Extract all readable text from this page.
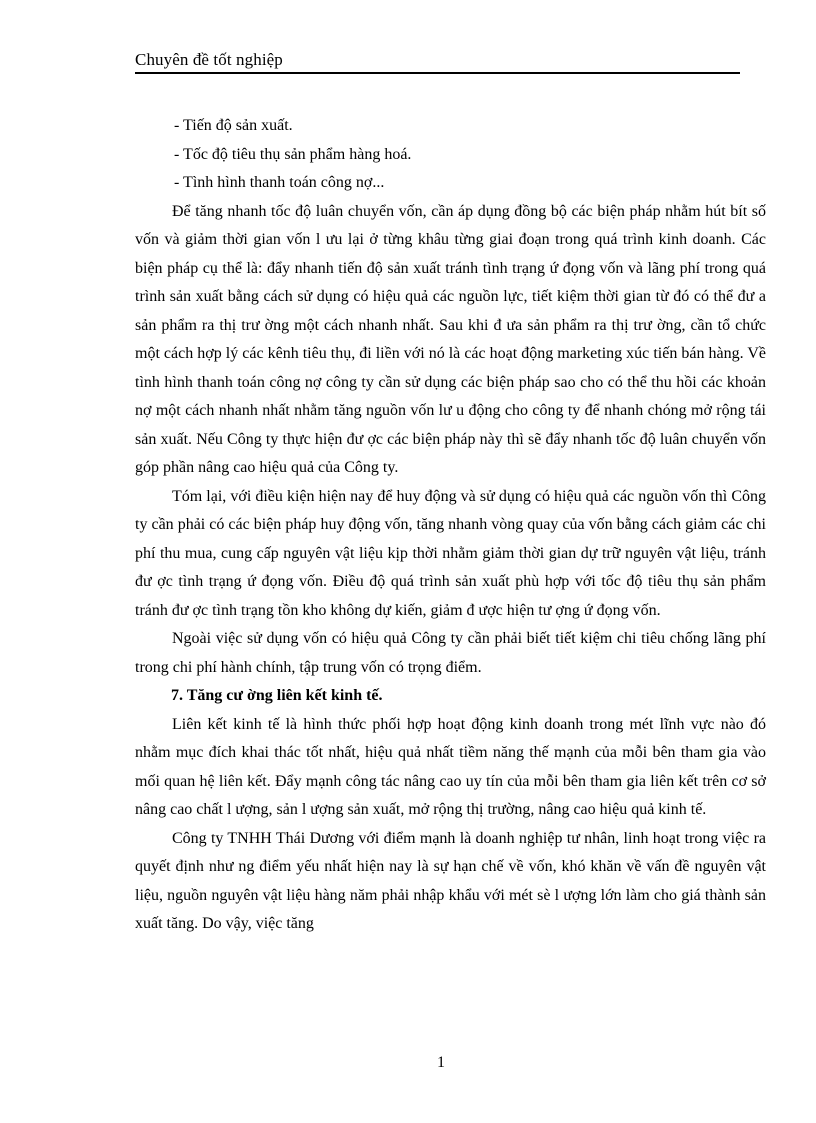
Chuyên đề tốt nghiệp
- Tiến độ sản xuất.
- Tốc độ tiêu thụ sản phẩm hàng hoá.
- Tình hình thanh toán công nợ...

Để tăng nhanh tốc độ luân chuyển vốn, cần áp dụng đồng bộ các biện pháp nhằm hút bít số vốn và giảm thời gian vốn l ưu lại ở từng khâu từng giai đoạn trong quá trình kinh doanh. Các biện pháp cụ thể là: đẩy nhanh tiến độ sản xuất tránh tình trạng ứ đọng vốn và lãng phí trong quá trình sản xuất bằng cách sử dụng có hiệu quả các nguồn lực, tiết kiệm thời gian từ đó có thể đư a sản phẩm ra thị trư ờng một cách nhanh nhất. Sau khi đ ưa sản phẩm ra thị trư ờng, cần tổ chức một cách hợp lý các kênh tiêu thụ, đi liền với nó là các hoạt động marketing xúc tiến bán hàng. Về tình hình thanh toán công nợ công ty cần sử dụng các biện pháp sao cho có thể thu hồi các khoản nợ một cách nhanh nhất nhằm tăng nguồn vốn lư u động cho công ty để nhanh chóng mở rộng tái sản xuất. Nếu Công ty thực hiện đư ợc các biện pháp này thì sẽ đẩy nhanh tốc độ luân chuyển vốn góp phần nâng cao hiệu quả của Công ty.

Tóm lại, với điều kiện hiện nay để huy động và sử dụng có hiệu quả các nguồn vốn thì Công ty cần phải có các biện pháp huy động vốn, tăng nhanh vòng quay của vốn bằng cách giảm các chi phí thu mua, cung cấp nguyên vật liệu kịp thời nhằm giảm thời gian dự trữ nguyên vật liệu, tránh đư ợc tình trạng ứ đọng vốn. Điều độ quá trình sản xuất phù hợp với tốc độ tiêu thụ sản phẩm tránh đư ợc tình trạng tồn kho không dự kiến, giảm đ ược hiện tư ợng ứ đọng vốn.

Ngoài việc sử dụng vốn có hiệu quả Công ty cần phải biết tiết kiệm chi tiêu chống lãng phí trong chi phí hành chính, tập trung vốn có trọng điểm.

7. Tăng cư ờng liên kết kinh tế.

Liên kết kinh tế là hình thức phối hợp hoạt động kinh doanh trong mét lĩnh vực nào đó nhằm mục đích khai thác tốt nhất, hiệu quả nhất tiềm năng thế mạnh của mỗi bên tham gia vào mối quan hệ liên kết. Đẩy mạnh công tác nâng cao uy tín của mỗi bên tham gia liên kết trên cơ sở nâng cao chất l ượng, sản l ượng sản xuất, mở rộng thị trường, nâng cao hiệu quả kinh tế.

Công ty TNHH Thái Dương với điểm mạnh là doanh nghiệp tư nhân, linh hoạt trong việc ra quyết định như ng điểm yếu nhất hiện nay là sự hạn chế về vốn, khó khăn về vấn đề nguyên vật liệu, nguồn nguyên vật liệu hàng năm phải nhập khẩu với mét sè l ượng lớn làm cho giá thành sản xuất tăng. Do vậy, việc tăng

1
